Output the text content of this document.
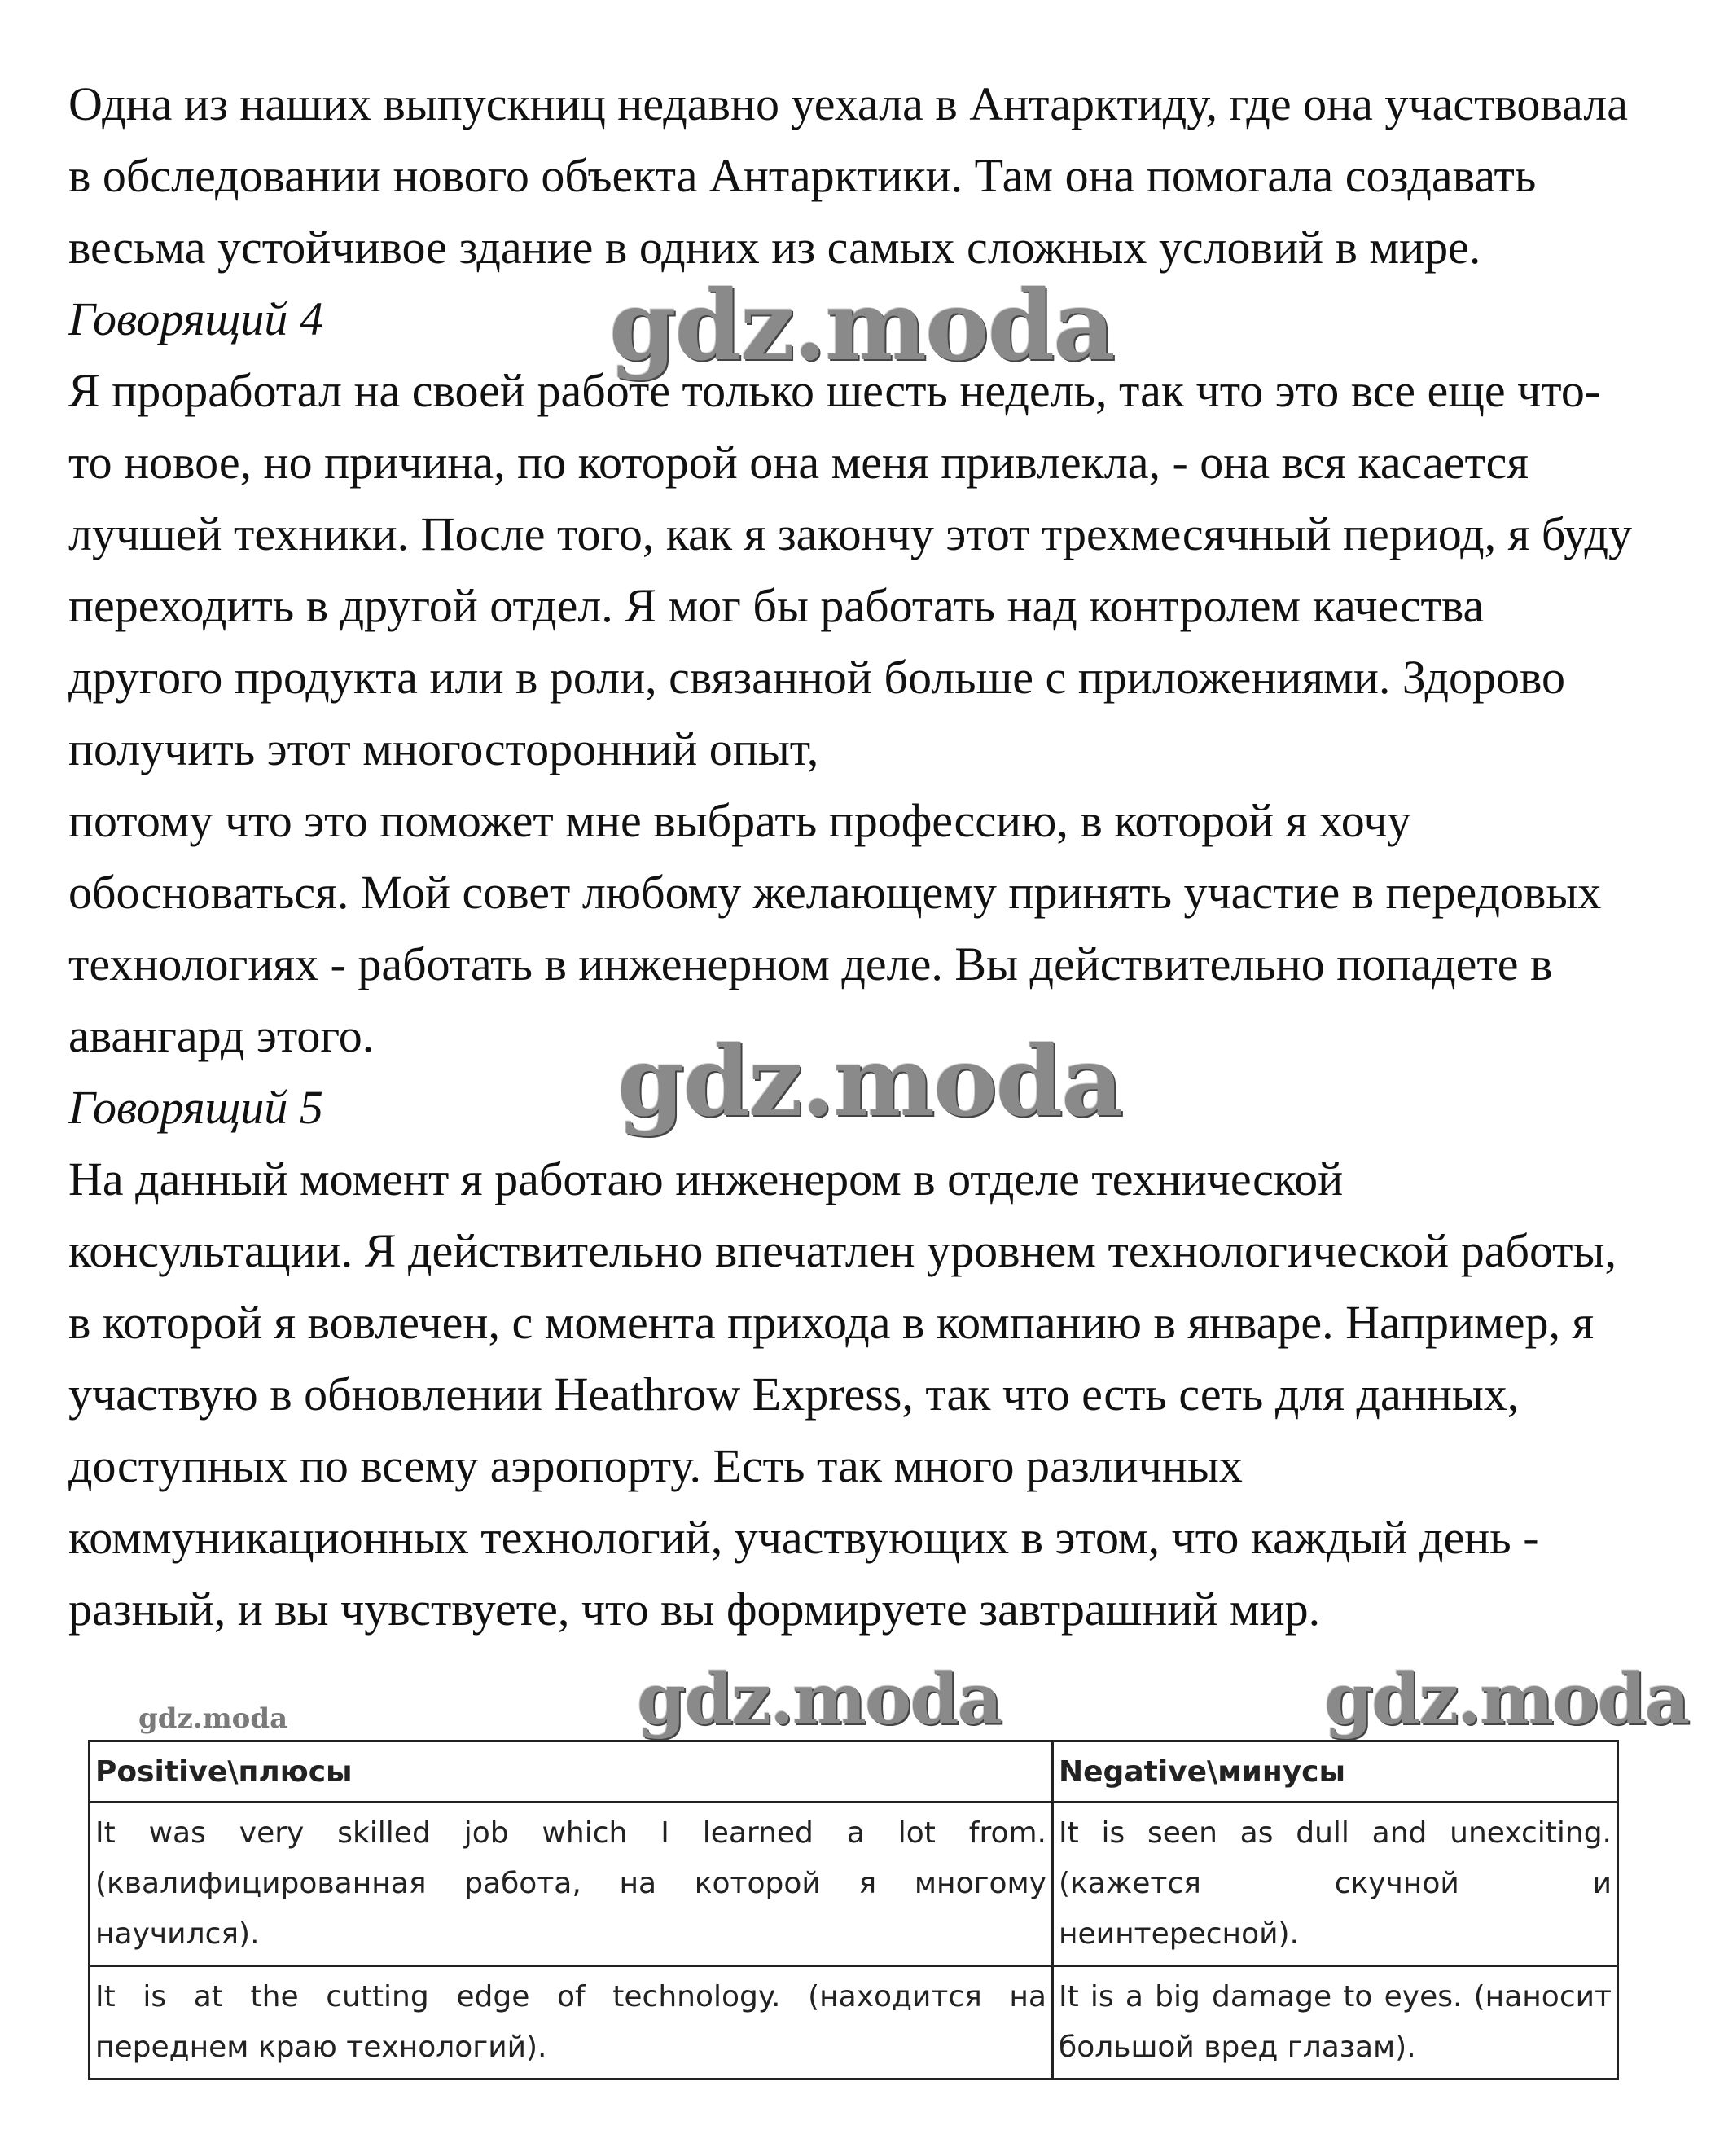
Одна из наших выпускниц недавно уехала в Антарктиду, где она участвовала
в обследовании нового объекта Антарктики. Там она помогала создавать
весьма устойчивое здание в одних из самых сложных условий в мире.
Говорящий 4
Я проработал на своей работе только шесть недель, так что это все еще что-
то новое, но причина, по которой она меня привлекла, - она вся касается
лучшей техники. После того, как я закончу этот трехмесячный период, я буду
переходить в другой отдел. Я мог бы работать над контролем качества
другого продукта или в роли, связанной больше с приложениями. Здорово
получить этот многосторонний опыт,
потому что это поможет мне выбрать профессию, в которой я хочу
обосноваться. Мой совет любому желающему принять участие в передовых
технологиях - работать в инженерном деле. Вы действительно попадете в
авангард этого.
Говорящий 5
На данный момент я работаю инженером в отделе технической
консультации. Я действительно впечатлен уровнем технологической работы,
в которой я вовлечен, с момента прихода в компанию в январе. Например, я
участвую в обновлении Heathrow Express, так что есть сеть для данных,
доступных по всему аэропорту. Есть так много различных
коммуникационных технологий, участвующих в этом, что каждый день -
разный, и вы чувствуете, что вы формируете завтрашний мир.
gdz.moda
gdz.moda
gdz.moda	gdz.moda
gdz.moda
Positive\плюсы	Negative\минусы
It was very skilled job which I learned a lot from. (квалифицированная работа, на которой я многому научился).	It is seen as dull and unexciting. (кажется скучной и неинтересной).
It is at the cutting edge of technology. (находится на переднем краю технологий).	It is a big damage to eyes. (наносит большой вред глазам).
